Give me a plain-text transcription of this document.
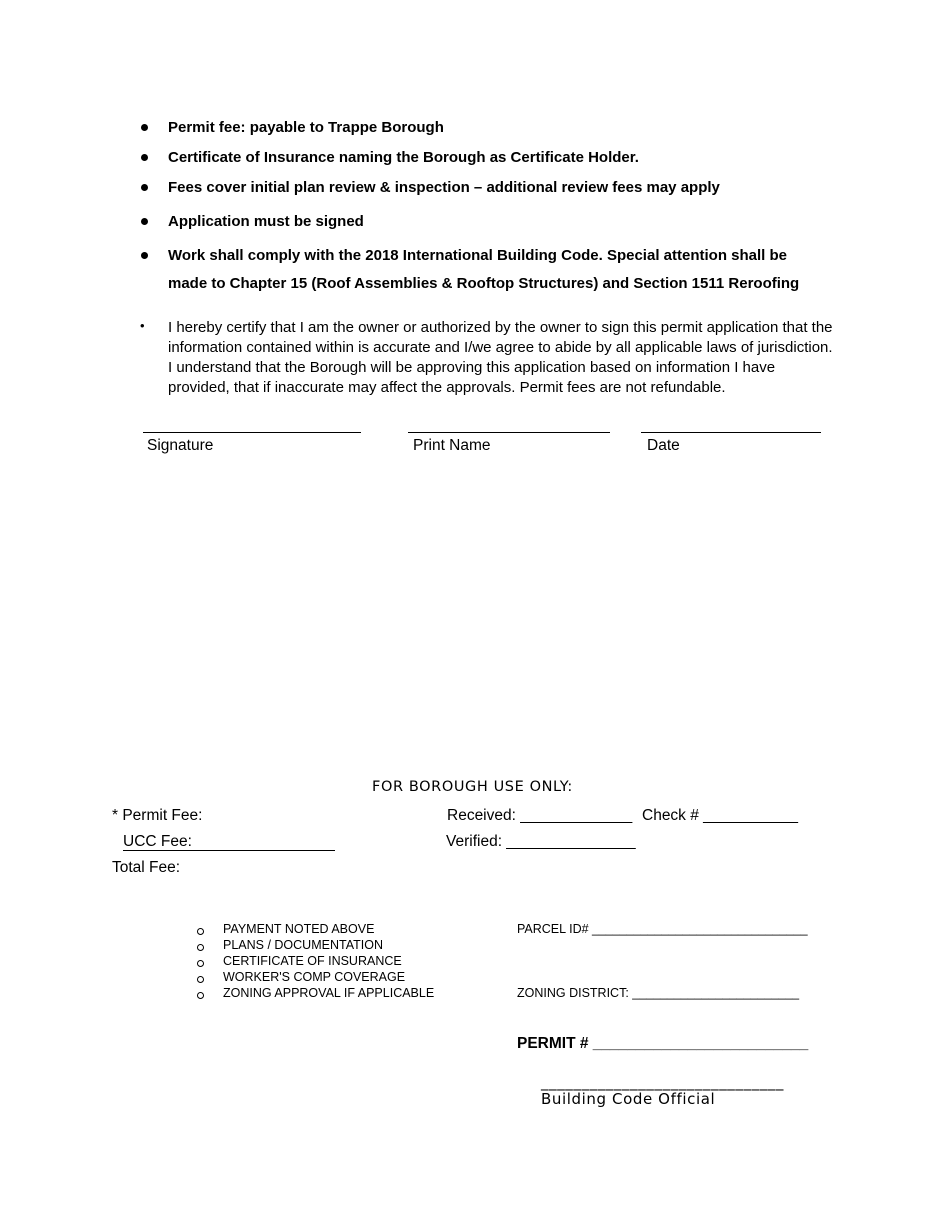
Permit fee: payable to Trappe Borough
Certificate of Insurance naming the Borough as Certificate Holder.
Fees cover initial plan review & inspection – additional review fees may apply
Application must be signed
Work shall comply with the 2018 International Building Code. Special attention shall be
made to Chapter 15 (Roof Assemblies & Rooftop Structures) and Section 1511 Reroofing
• I hereby certify that I am the owner or authorized by the owner to sign this permit application that the information contained within is accurate and I/we agree to abide by all applicable laws of jurisdiction. I understand that the Borough will be approving this application based on information I have provided, that if inaccurate may affect the approvals. Permit fees are not refundable.
Signature	Print Name	Date
FOR BOROUGH USE ONLY:
* Permit Fee:
UCC Fee:
Total Fee:
Received: _____________ Check # ___________
Verified: _______________
PAYMENT NOTED ABOVE
PLANS / DOCUMENTATION
CERTIFICATE OF INSURANCE
WORKER'S COMP COVERAGE
ZONING APPROVAL IF APPLICABLE
PARCEL ID# _______________________________
ZONING DISTRICT: ________________________
PERMIT # _________________________
______________________________
Building Code Official
